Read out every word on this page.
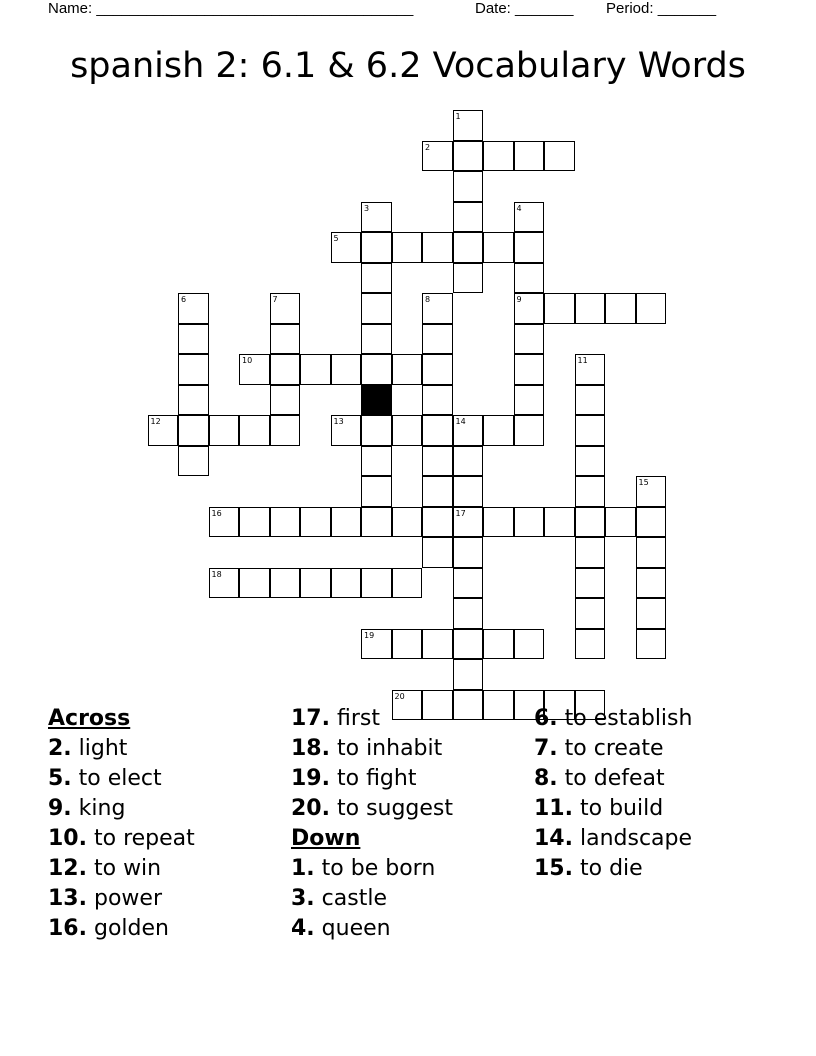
Name: ______________________________________	Date: _______ Period: _______
spanish 2: 6.1 & 6.2 Vocabulary Words
1
2
3	4
9
5
6	7	8
10	11
12	13	14
17
15
16
18
19
20
Across
2. light
5. to elect
9. king
10. to repeat
12. to win
13. power
16. golden
17. first
18. to inhabit
19. to fight
20. to suggest
Down
1. to be born
3. castle
4. queen
6. to establish
7. to create
8. to defeat
11. to build
14. landscape
15. to die
